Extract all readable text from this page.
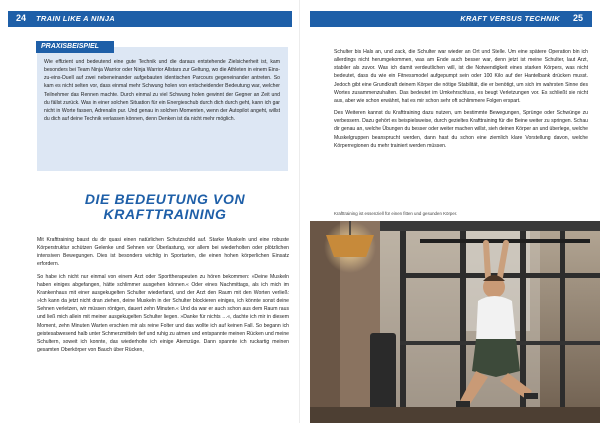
24 TRAIN LIKE A NINJA
PRAXISBEISPIEL

Wie effizient und bedeutend eine gute Technik und die daraus entstehende Zielsicherheit ist, kam besonders bei Team Ninja Warrior oder Ninja Warrior Allstars zur Geltung, wo die Athleten in einem Eins-zu-eins-Duell auf zwei nebeneinander aufgebauten identischen Parcours gegeneinander antreten. So kam es nicht selten vor, dass einmal mehr Schwung holen von entscheidender Bedeutung war, welcher Teilnehmer das Rennen machte. Durch einmal zu viel Schwung holen gewinnt der Gegner an Zeit und du fällst zurück. Was in einer solchen Situation für ein Energieschub durch dich durch geht, kann ich gar nicht in Worte fassen, Adrenalin pur. Und genau in solchen Momenten, wenn der Autopilot angeht, willst du dich auf deine Technik verlassen können, denn Denken ist da nicht mehr möglich.

DIE BEDEUTUNG VON KRAFTTRAINING

Mit Krafttraining baust du dir quasi einen natürlichen Schutzschild auf. Starke Muskeln und eine robuste Körperstruktur schützen Gelenke und Sehnen vor Überlastung, vor allem bei wiederholten oder plötzlichen intensiven Bewegungen. Dies ist besonders wichtig in Sportarten, die einen hohen körperlichen Einsatz erfordern.

So habe ich nicht nur einmal von einem Arzt oder Sporttherapeuten zu hören bekommen: »Deine Muskeln haben einiges abgefangen, hätte schlimmer ausgehen können.« Oder eines Nachmittags, als ich mich im Krankenhaus mit einer ausgekugelten Schulter wiederfand, und der Arzt den Raum mit den Worten verließ: »Ich kann da jetzt nicht dran ziehen, deine Muskeln in der Schulter blockieren einiges, ich könnte sonst deine Sehnen verletzen, wir müssen röntgen, dauert zehn Minuten.« Und da war er auch schon aus dem Raum raus und ließ mich allein mit meiner ausgekugelten Schulter liegen. »Danke für nichts …«, dachte ich mir in diesem Moment, zehn Minuten Warten erschien mir als reine Folter und das wollte ich auf keinen Fall. So begann ich geistesabwesend halb unter Schmerzmitteln tief und ruhig zu atmen und entspannte meinen Rücken und meine Schultern, soweit ich konnte, das wiederholte ich einige Atemzüge. Dann spannte ich ruckartig meinen gesamten Oberkörper von Bauch über Rücken,

KRAFT VERSUS TECHNIK 25

Schulter bis Hals an, und zack, die Schulter war wieder an Ort und Stelle. Um eine spätere Operation bin ich allerdings nicht herumgekommen, was am Ende auch besser war, denn jetzt ist meine Schulter, laut Arzt, stabiler als zuvor. Was ich damit verdeutlichen will, ist die Notwendigkeit eines starken Körpers, was nicht bedeutet, dass du wie ein Fitnessmodel aufgepumpt sein oder 100 Kilo auf der Hantelbank drücken musst. Jedoch gibt eine Grundkraft deinem Körper die nötige Stabilität, die er benötigt, um sich im wahrsten Sinne des Wortes zusammenzuhalten. Das bedeutet im Umkehrschluss, es beugt Verletzungen vor. Es schließt sie nicht aus, aber wie schon erwähnt, hat es mir schon sehr oft schlimmere Folgen erspart.

Des Weiteren kannst du Krafttraining dazu nutzen, um bestimmte Bewegungen, Sprünge oder Schwünge zu verbessern. Dazu gehört es beispielsweise, durch gezieltes Krafttraining für die Beine weiter zu springen. Schau dir genau an, welche Übungen du besser oder weiter machen willst, sieh deinen Körper an und überlege, welche Muskelgruppen beansprucht werden, dann hast du schon eine ziemlich klare Vorstellung davon, welche Körperregionen du mehr trainiert werden müssen.

Krafttraining ist essenziell für einen fitten und gesunden Körper.
